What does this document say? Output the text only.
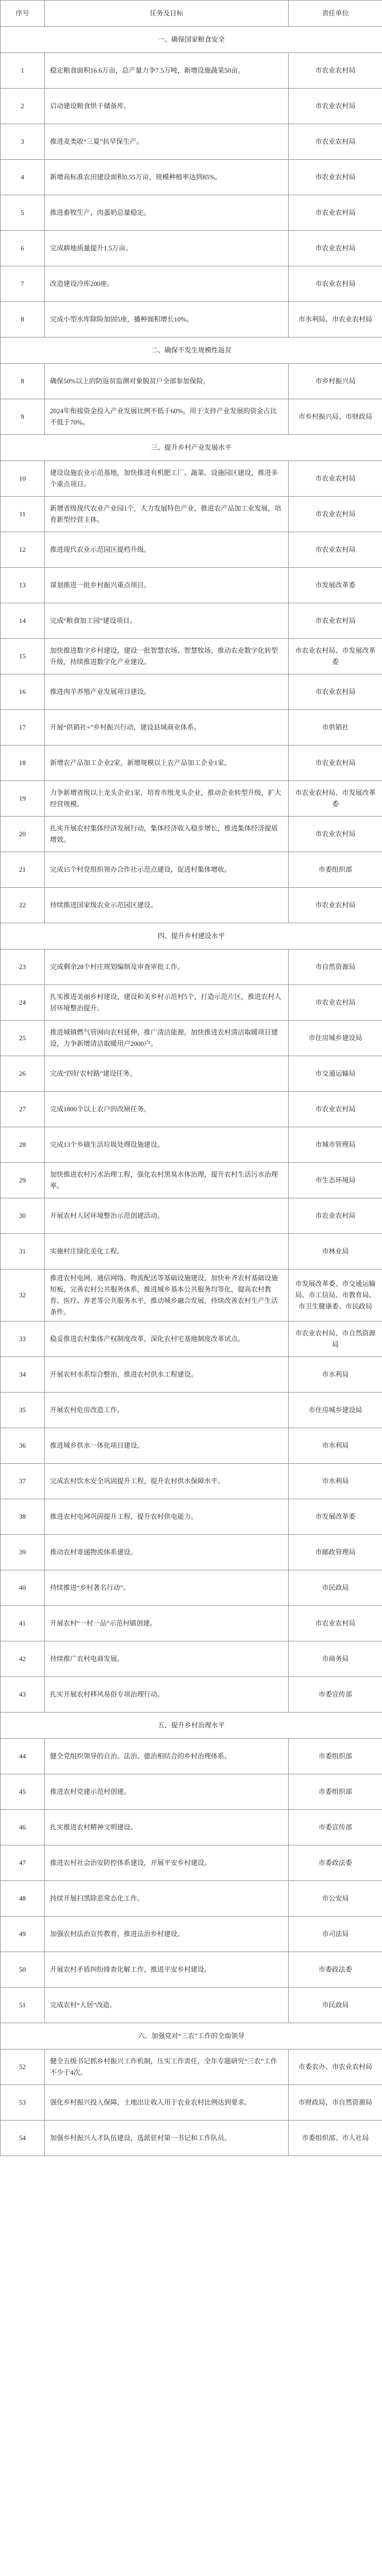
序号	任务及目标	责任单位
一、确保国家粮食安全		
1	稳定粮食面积16.6万亩，总产量力争7.5万吨，新增设施蔬菜50亩。	市农业农村局
2	启动建设粮食烘干储备库。	市农业农村局
3	推进麦类收“三夏”抗旱保生产。	市农业农村局
4	新增高标准农田建设面积0.55万亩，规模种植率达到85%。	市农业农村局
5	推进畜牧生产，肉蛋奶总量稳定。	市农业农村局
6	完成耕地质量提升1.5万亩。	市农业农村局
7	改造建设冷库200座。	市农业农村局
8	完成小型水库除险加固5座，播种面积增长10%。	市水利局、市农业农村局
二、确保不发生规模性返贫		
8	确保50%以上的防返贫监测对象脱贫户全部参加保险。	市乡村振兴局
9	2024年衔接资金投入产业发展比例不低于60%，用于支持产业发展的资金占比不低于70%。	市乡村振兴局、市财政局
三、提升乡村产业发展水平		
10	建设设施农业示范基地，加快推进有机肥工厂、蔬菜、设施园区建设，推进多个重点项目。	市农业农村局
11	新增省级现代农业产业园1个，大力发展特色产业，推进农产品加工业发展，培育新型经营主体。	市农业农村局
12	推进现代农业示范园区提档升级。	市农业农村局
13	谋划推进一批乡村振兴重点项目。	市发展改革委
14	完成“粮食加工园”建设项目。	市农业农村局
15	加快推进数字乡村建设，建设一批智慧农场、智慧牧场，推动农业数字化转型升级，持续推进数字化产业建设。	市农业农村局、市发展改革委
16	推进肉羊养殖产业发展项目建设。	市农业农村局
17	开展“供销社+”乡村振兴行动，建设县域商业体系。	市供销社
18	新增农产品加工企业2家，新增规模以上农产品加工企业1家。	市农业农村局
19	力争新增省级以上龙头企业1家，培育市级龙头企业，推动企业转型升级，扩大经营规模。	市农业农村局、市发展改革委
20	扎实开展农村集体经济发展行动，集体经济收入稳步增长，推进集体经济提质增效。	市农业农村局
21	完成15个村党组织领办合作社示范点建设，促进村集体增收。	市委组织部
22	持续推进国家级农业示范园区建设。	市农业农村局
四、提升乡村建设水平		
23	完成剩余28个村庄规划编制及审查审批工作。	市自然资源局
24	扎实推进美丽乡村建设，建设和美乡村示范村5个，打造示范片区，推进农村人居环境整治提升。	市农业农村局
25	推进城镇燃气管网向农村延伸，推广清洁能源，加快推进农村清洁取暖项目建设，力争新增清洁取暖用户2000户。	市住房城乡建设局
26	完成“四好农村路”建设任务。	市交通运输局
27	完成1800个以上农户的改厕任务。	市农业农村局
28	完成13个乡镇生活垃圾处理设施建设。	市城市管理局
29	加快推进农村污水治理工程，强化农村黑臭水体治理，提升农村生活污水治理率。	市生态环境局
30	开展农村人居环境整治示范创建活动。	市农业农村局
31	实施村庄绿化美化工程。	市林业局
32	推进农村电网、通信网络、物流配送等基础设施建设，加快补齐农村基础设施短板，完善农村公共服务体系，推进城乡基本公共服务均等化，提高农村教育、医疗、养老等公共服务水平，推动城乡融合发展，持续改善农村生产生活条件。	市发展改革委、市交通运输局、市工信局、市教育局、市卫生健康委、市民政局
33	稳妥推进农村集体产权制度改革，深化农村宅基地制度改革试点。	市农业农村局、市自然资源局
34	开展农村水系综合整治，推进农村供水工程建设。	市水利局
35	开展农村危房改造工作。	市住房城乡建设局
36	推进城乡供水一体化项目建设。	市水利局
37	完成农村饮水安全巩固提升工程，提升农村供水保障水平。	市水利局
38	推进农村电网巩固提升工程，提升农村供电能力。	市发展改革委
39	推动农村寄递物流体系建设。	市邮政管理局
40	持续推进“乡村著名行动”。	市民政局
41	开展农村“一村一品”示范村镇创建。	市农业农村局
42	持续推广农村电商发展。	市商务局
43	扎实开展农村移风易俗专项治理行动。	市委宣传部
五、提升乡村治理水平		
44	健全党组织领导的自治、法治、德治相结合的乡村治理体系。	市委组织部
45	推进农村党建示范村创建。	市委组织部
46	扎实推进农村精神文明建设。	市委宣传部
47	推进农村社会治安防控体系建设，开展平安乡村建设。	市委政法委
48	持续开展扫黑除恶常态化工作。	市公安局
49	加强农村法治宣传教育，推进法治乡村建设。	市司法局
50	开展农村矛盾纠纷排查化解工作，推进平安乡村建设。	市委政法委
51	完成农村“人居”改造。	市民政局
六、加强党对“三农”工作的全面领导		
52	健全五级书记抓乡村振兴工作机制，压实工作责任，全年专题研究“三农”工作不少于4次。	市委农办、市农业农村局
53	强化乡村振兴投入保障，土地出让收入用于农业农村比例达到要求。	市财政局、市自然资源局
54	加强乡村振兴人才队伍建设，选派驻村第一书记和工作队员。	市委组织部、市人社局
